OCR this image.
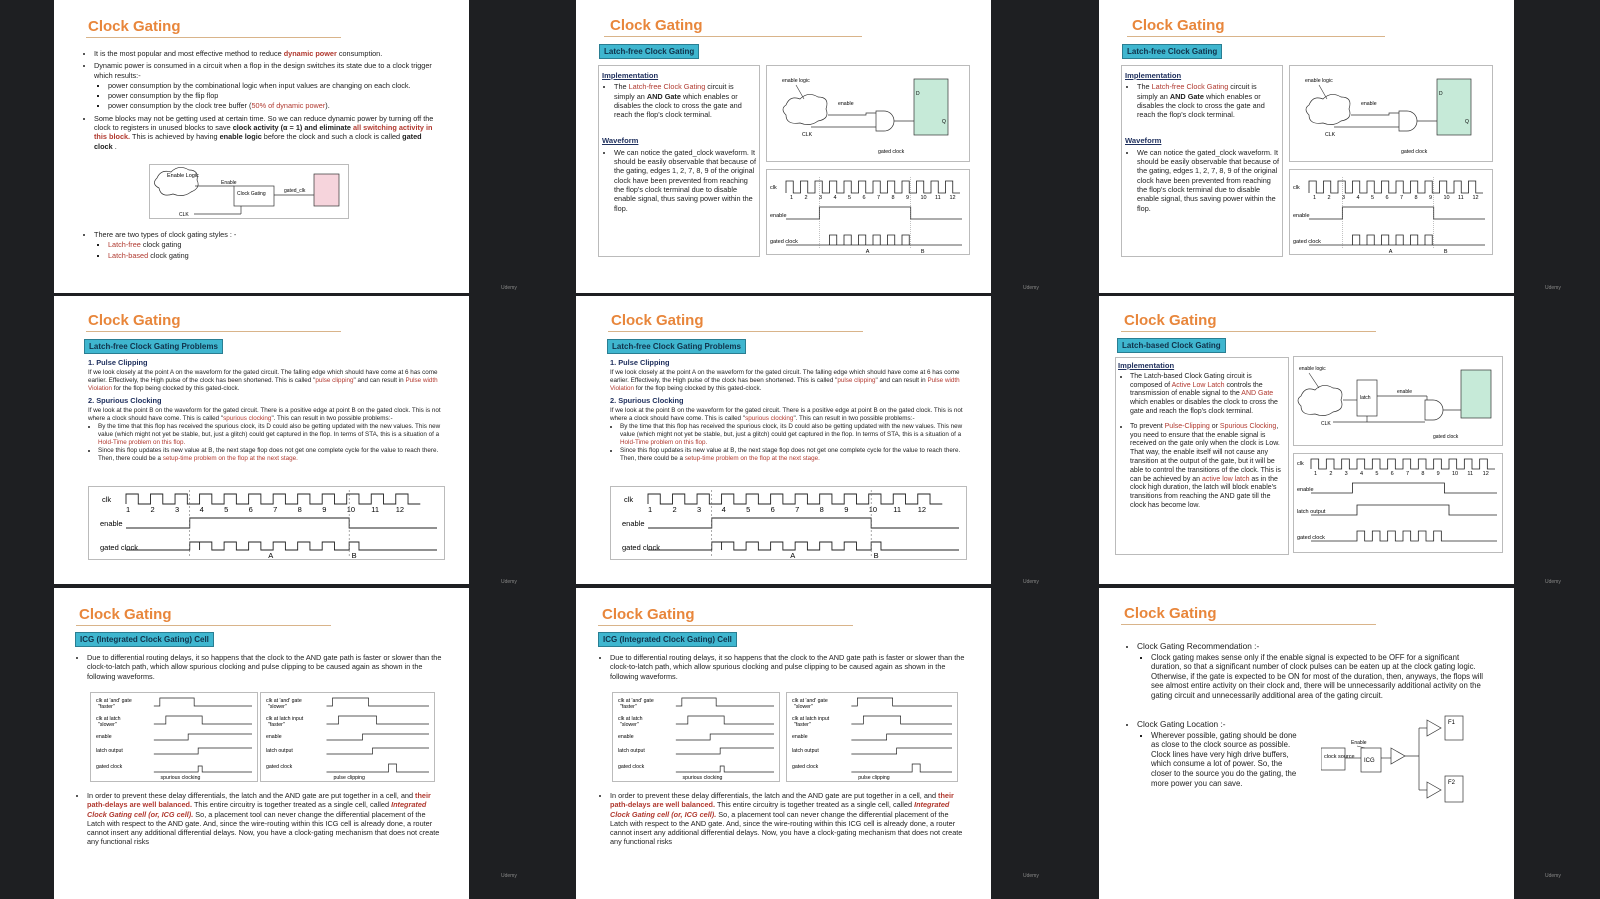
Clock Gating
• It is the most popular and most effective method to reduce dynamic power consumption.
• Dynamic power is consumed in a circuit when a flop in the design switches its state due to a clock trigger which results:-
▪ power consumption by the combinational logic when input values are changing on each clock.
▪ power consumption by the flip flop
▪ power consumption by the clock tree buffer (50% of dynamic power).
• Some blocks may not be getting used at certain time. So we can reduce dynamic power by turning off the clock to registers in unused blocks to save clock activity (α = 1) and eliminate all switching activity in this block. This is achieved by having enable logic before the clock and such a clock is called gated clock .
Enable Logic
Enable
Clock Gating	gated_clk
CLK
• There are two types of clock gating styles : -
▪ Latch-free clock gating
▪ Latch-based clock gating
Udemy
Clock Gating
Latch-free Clock Gating
Implementation
• The Latch-free Clock Gating circuit is simply an AND Gate which enables or disables the clock to cross the gate and reach the flop's clock terminal.
Waveform
• We can notice the gated_clock waveform. It should be easily observable that because of the gating, edges 1, 2, 7, 8, 9 of the original clock have been prevented from reaching the flop's clock terminal due to disable enable signal, thus saving power within the flop.
enable logic
enable
CLK
D
Q
gated clock
clk
1 2 3 4 5 6 7 8 9 10 11 12
enable
gated clock
A	B
Udemy
Clock Gating
Latch-free Clock Gating
Implementation
• The Latch-free Clock Gating circuit is simply an AND Gate which enables or disables the clock to cross the gate and reach the flop's clock terminal.
Waveform
• We can notice the gated_clock waveform. It should be easily observable that because of the gating, edges 1, 2, 7, 8, 9 of the original clock have been prevented from reaching the flop's clock terminal due to disable enable signal, thus saving power within the flop.
enable logic
enable
CLK
D
Q
gated clock
clk
1 2 3 4 5 6 7 8 9 10 11 12
enable
gated clock
A	B
Udemy
Clock Gating
Latch-free Clock Gating Problems
1. Pulse Clipping
If we look closely at the point A on the waveform for the gated circuit. The falling edge which should have come at 6 has come earlier. Effectively, the High pulse of the clock has been shortened. This is called "pulse clipping" and can result in Pulse width Violation for the flop being clocked by this gated-clock.
2. Spurious Clocking
If we look at the point B on the waveform for the gated circuit. There is a positive edge at point B on the gated clock. This is not where a clock should have come. This is called "spurious clocking". This can result in two possible problems:-
• By the time that this flop has received the spurious clock, its D could also be getting updated with the new values. This new value (which might not yet be stable, but, just a glitch) could get captured in the flop. In terms of STA, this is a situation of a Hold-Time problem on this flop.
• Since this flop updates its new value at B, the next stage flop does not get one complete cycle for the value to reach there. Then, there could be a setup-time problem on the flop at the next stage.
clk
1	2	3	4	5	6	7	8	9	10 11 12
enable
gated clock
A	B
Udemy
Clock Gating
Latch-free Clock Gating Problems
1. Pulse Clipping
If we look closely at the point A on the waveform for the gated circuit. The falling edge which should have come at 6 has come earlier. Effectively, the High pulse of the clock has been shortened. This is called "pulse clipping" and can result in Pulse width Violation for the flop being clocked by this gated-clock.
2. Spurious Clocking
If we look at the point B on the waveform for the gated circuit. There is a positive edge at point B on the gated clock. This is not where a clock should have come. This is called "spurious clocking". This can result in two possible problems:-
• By the time that this flop has received the spurious clock, its D could also be getting updated with the new values. This new value (which might not yet be stable, but, just a glitch) could get captured in the flop. In terms of STA, this is a situation of a Hold-Time problem on this flop.
• Since this flop updates its new value at B, the next stage flop does not get one complete cycle for the value to reach there. Then, there could be a setup-time problem on the flop at the next stage.
clk
1	2	3	4	5	6	7	8	9	10 11 12
enable
gated clock
A	B
Udemy
Clock Gating
Latch-based Clock Gating
Implementation
• The Latch-based Clock Gating circuit is composed of Active Low Latch controls the transmission of enable signal to the AND Gate which enables or disables the clock to cross the gate and reach the flop's clock terminal.
• To prevent Pulse-Clipping or Spurious Clocking, you need to ensure that the enable signal is received on the gate only when the clock is Low. That way, the enable itself will not cause any transition at the output of the gate, but it will be able to control the transitions of the clock. This is can be achieved by an active low latch as in the clock high duration, the latch will block enable's transitions from reaching the AND gate till the clock has become low.
enable logic
latch
enable
CLK
gated clock
clk
1 2 3 4 5 6 7 8 9 10 11 12
enable
latch output
gated clock
Udemy
Clock Gating
ICG (Integrated Clock Gating) Cell
• Due to differential routing delays, it so happens that the clock to the AND gate path is faster or slower than the clock-to-latch path, which allow spurious clocking and pulse clipping to be caused again as shown in the following waveforms.
clk at 'and' gate
"faster"
clk at latch
"slower"
enable
latch output
gated clock
spurious clocking
clk at 'and' gate
"slower"
clk at latch input
"faster"
enable
latch output
gated clock
pulse clipping
• In order to prevent these delay differentials, the latch and the AND gate are put together in a cell, and their path-delays are well balanced. This entire circuitry is together treated as a single cell, called Integrated Clock Gating cell (or, ICG cell). So, a placement tool can never change the differential placement of the Latch with respect to the AND gate. And, since the wire-routing within this ICG cell is already done, a router cannot insert any additional differential delays. Now, you have a clock-gating mechanism that does not create any functional risks
Udemy
Clock Gating
ICG (Integrated Clock Gating) Cell
• Due to differential routing delays, it so happens that the clock to the AND gate path is faster or slower than the clock-to-latch path, which allow spurious clocking and pulse clipping to be caused again as shown in the following waveforms.
clk at 'and' gate
"faster"
clk at latch
"slower"
enable
latch output
gated clock
spurious clocking
clk at 'and' gate
"slower"
clk at latch input
"faster"
enable
latch output
gated clock
pulse clipping
• In order to prevent these delay differentials, the latch and the AND gate are put together in a cell, and their path-delays are well balanced. This entire circuitry is together treated as a single cell, called Integrated Clock Gating cell (or, ICG cell). So, a placement tool can never change the differential placement of the Latch with respect to the AND gate. And, since the wire-routing within this ICG cell is already done, a router cannot insert any additional differential delays. Now, you have a clock-gating mechanism that does not create any functional risks
Udemy
Clock Gating
• Clock Gating Recommendation :-
▪ Clock gating makes sense only if the enable signal is expected to be OFF for a significant duration, so that a significant number of clock pulses can be eaten up at the clock gating logic. Otherwise, if the gate is expected to be ON for most of the duration, then, anyways, the flops will see almost entire activity on their clock and, there will be unnecessarily additional activity on the gating circuit and unnecessarily additional area of the gating circuit.
• Clock Gating Location :-
▪ Wherever possible, gating should be done as close to the clock source as possible. Clock lines have very high drive buffers, which consume a lot of power. So, the closer to the source you do the gating, the more power you can save.
clock source
ICG
Enable
F1
F2
Udemy
